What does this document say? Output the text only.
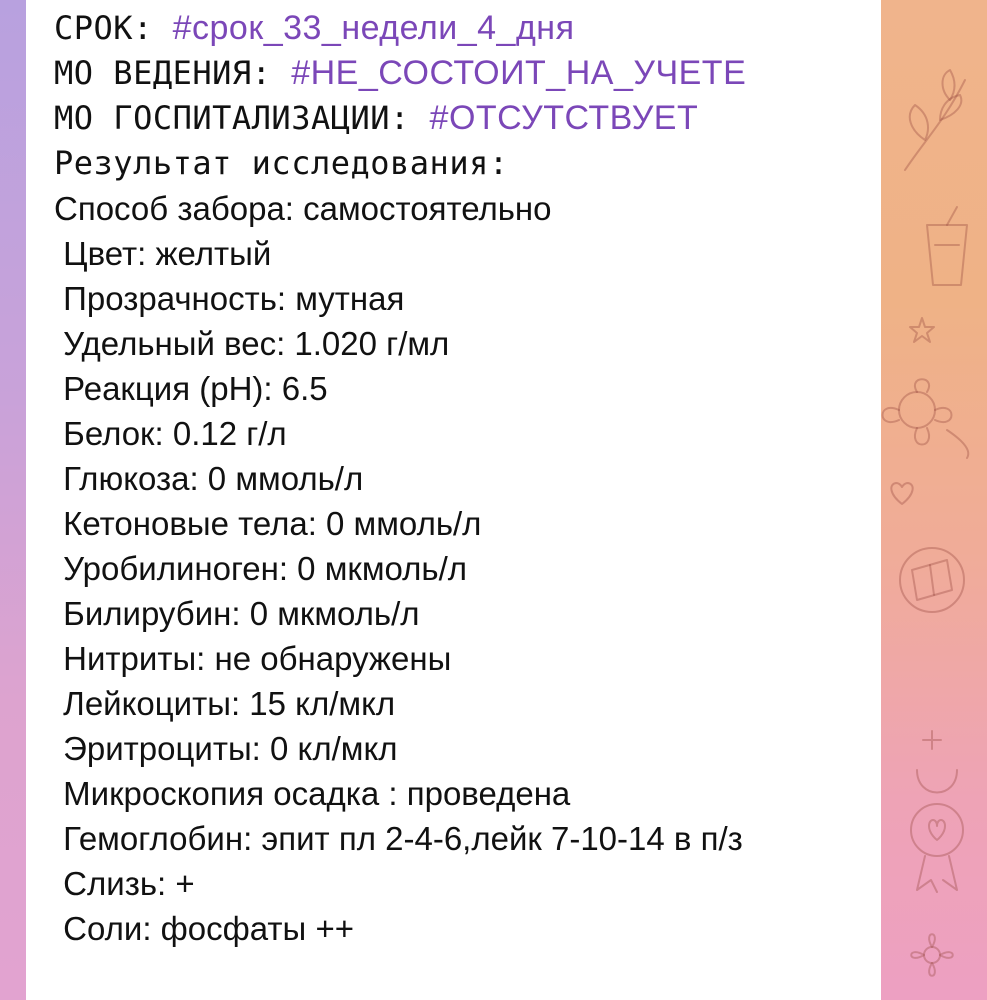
СРОК: #срок_33_недели_4_дня
МО ВЕДЕНИЯ: #НЕ_СОСТОИТ_НА_УЧЕТЕ
МО ГОСПИТАЛИЗАЦИИ: #ОТСУТСТВУЕТ
Результат исследования:
Способ забора: самостоятельно
Цвет: желтый
Прозрачность: мутная
Удельный вес: 1.020 г/мл
Реакция (pH): 6.5
Белок: 0.12 г/л
Глюкоза: 0 ммоль/л
Кетоновые тела: 0 ммоль/л
Уробилиноген: 0 мкмоль/л
Билирубин: 0 мкмоль/л
Нитриты: не обнаружены
Лейкоциты: 15 кл/мкл
Эритроциты: 0 кл/мкл
Микроскопия осадка : проведена
Гемоглобин: эпит пл 2-4-6,лейк 7-10-14 в п/з
Слизь: +
Соли: фосфаты ++
